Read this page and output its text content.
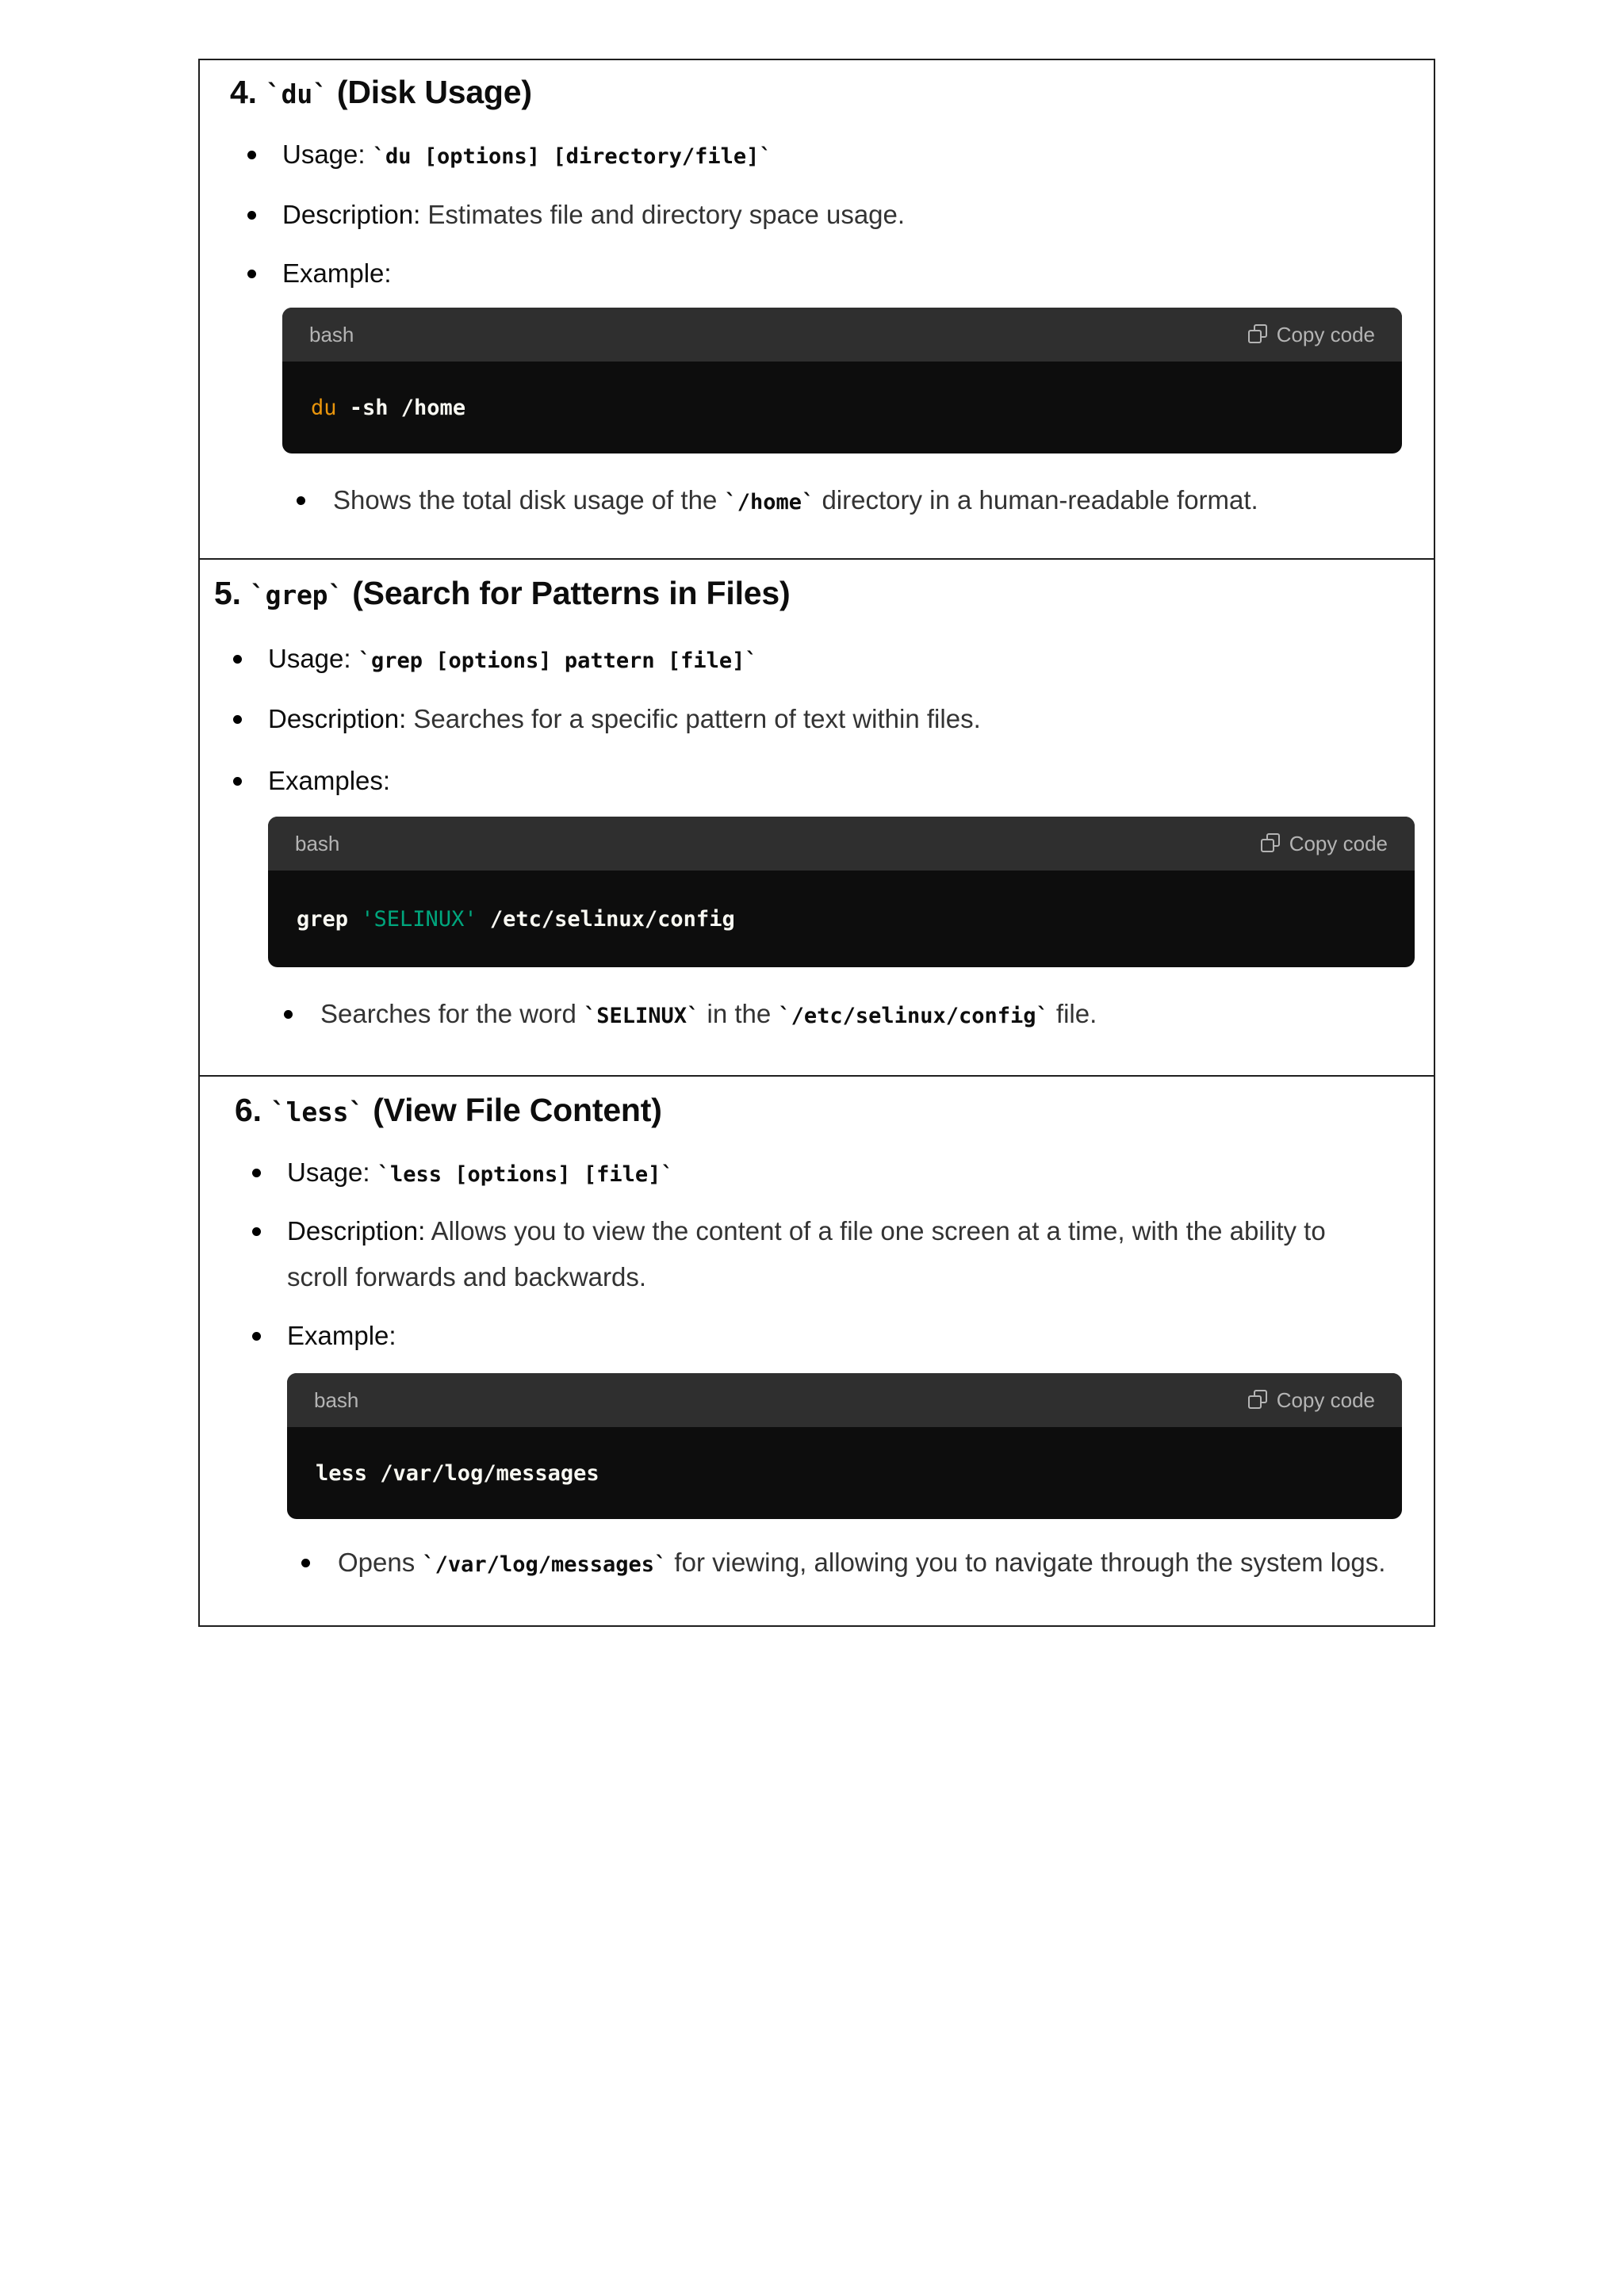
4. `du` (Disk Usage)
Usage: `du [options] [directory/file]`
Description: Estimates file and directory space usage.
Example:
bash	Copy code
du -sh /home
Shows the total disk usage of the `/home` directory in a human-readable format.
5. `grep` (Search for Patterns in Files)
Usage: `grep [options] pattern [file]`
Description: Searches for a specific pattern of text within files.
Examples:
bash	Copy code
grep 'SELINUX' /etc/selinux/config
Searches for the word `SELINUX` in the `/etc/selinux/config` file.
6. `less` (View File Content)
Usage: `less [options] [file]`
Description: Allows you to view the content of a file one screen at a time, with the ability to scroll forwards and backwards.
Example:
bash	Copy code
less /var/log/messages
Opens `/var/log/messages` for viewing, allowing you to navigate through the system logs.
